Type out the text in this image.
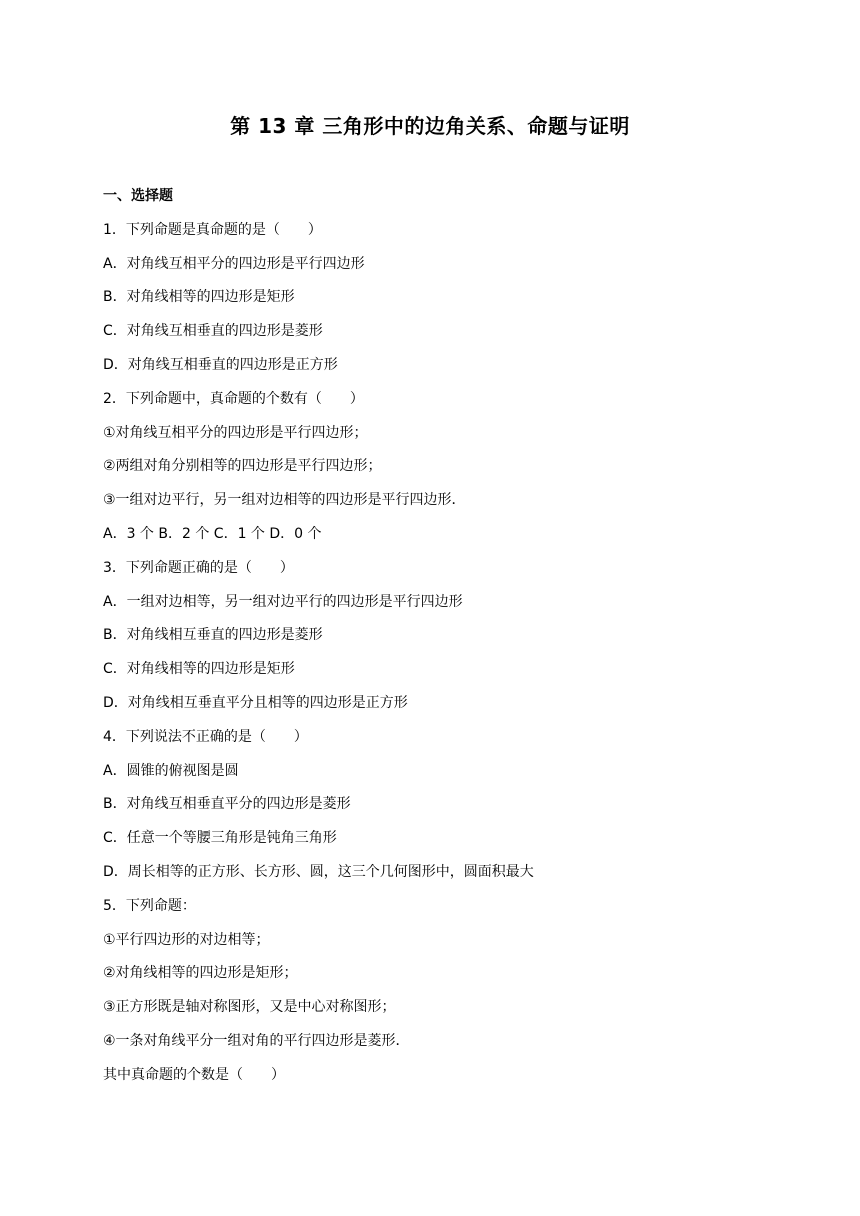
第 13 章 三角形中的边角关系、命题与证明
一、选择题
1．下列命题是真命题的是（　　）
A．对角线互相平分的四边形是平行四边形
B．对角线相等的四边形是矩形
C．对角线互相垂直的四边形是菱形
D．对角线互相垂直的四边形是正方形
2．下列命题中，真命题的个数有（　　）
①对角线互相平分的四边形是平行四边形；
②两组对角分别相等的四边形是平行四边形；
③一组对边平行，另一组对边相等的四边形是平行四边形．
A．3 个 B．2 个 C．1 个 D．0 个
3．下列命题正确的是（　　）
A．一组对边相等，另一组对边平行的四边形是平行四边形
B．对角线相互垂直的四边形是菱形
C．对角线相等的四边形是矩形
D．对角线相互垂直平分且相等的四边形是正方形
4．下列说法不正确的是（　　）
A．圆锥的俯视图是圆
B．对角线互相垂直平分的四边形是菱形
C．任意一个等腰三角形是钝角三角形
D．周长相等的正方形、长方形、圆，这三个几何图形中，圆面积最大
5．下列命题：
①平行四边形的对边相等；
②对角线相等的四边形是矩形；
③正方形既是轴对称图形，又是中心对称图形；
④一条对角线平分一组对角的平行四边形是菱形．
其中真命题的个数是（　　）
